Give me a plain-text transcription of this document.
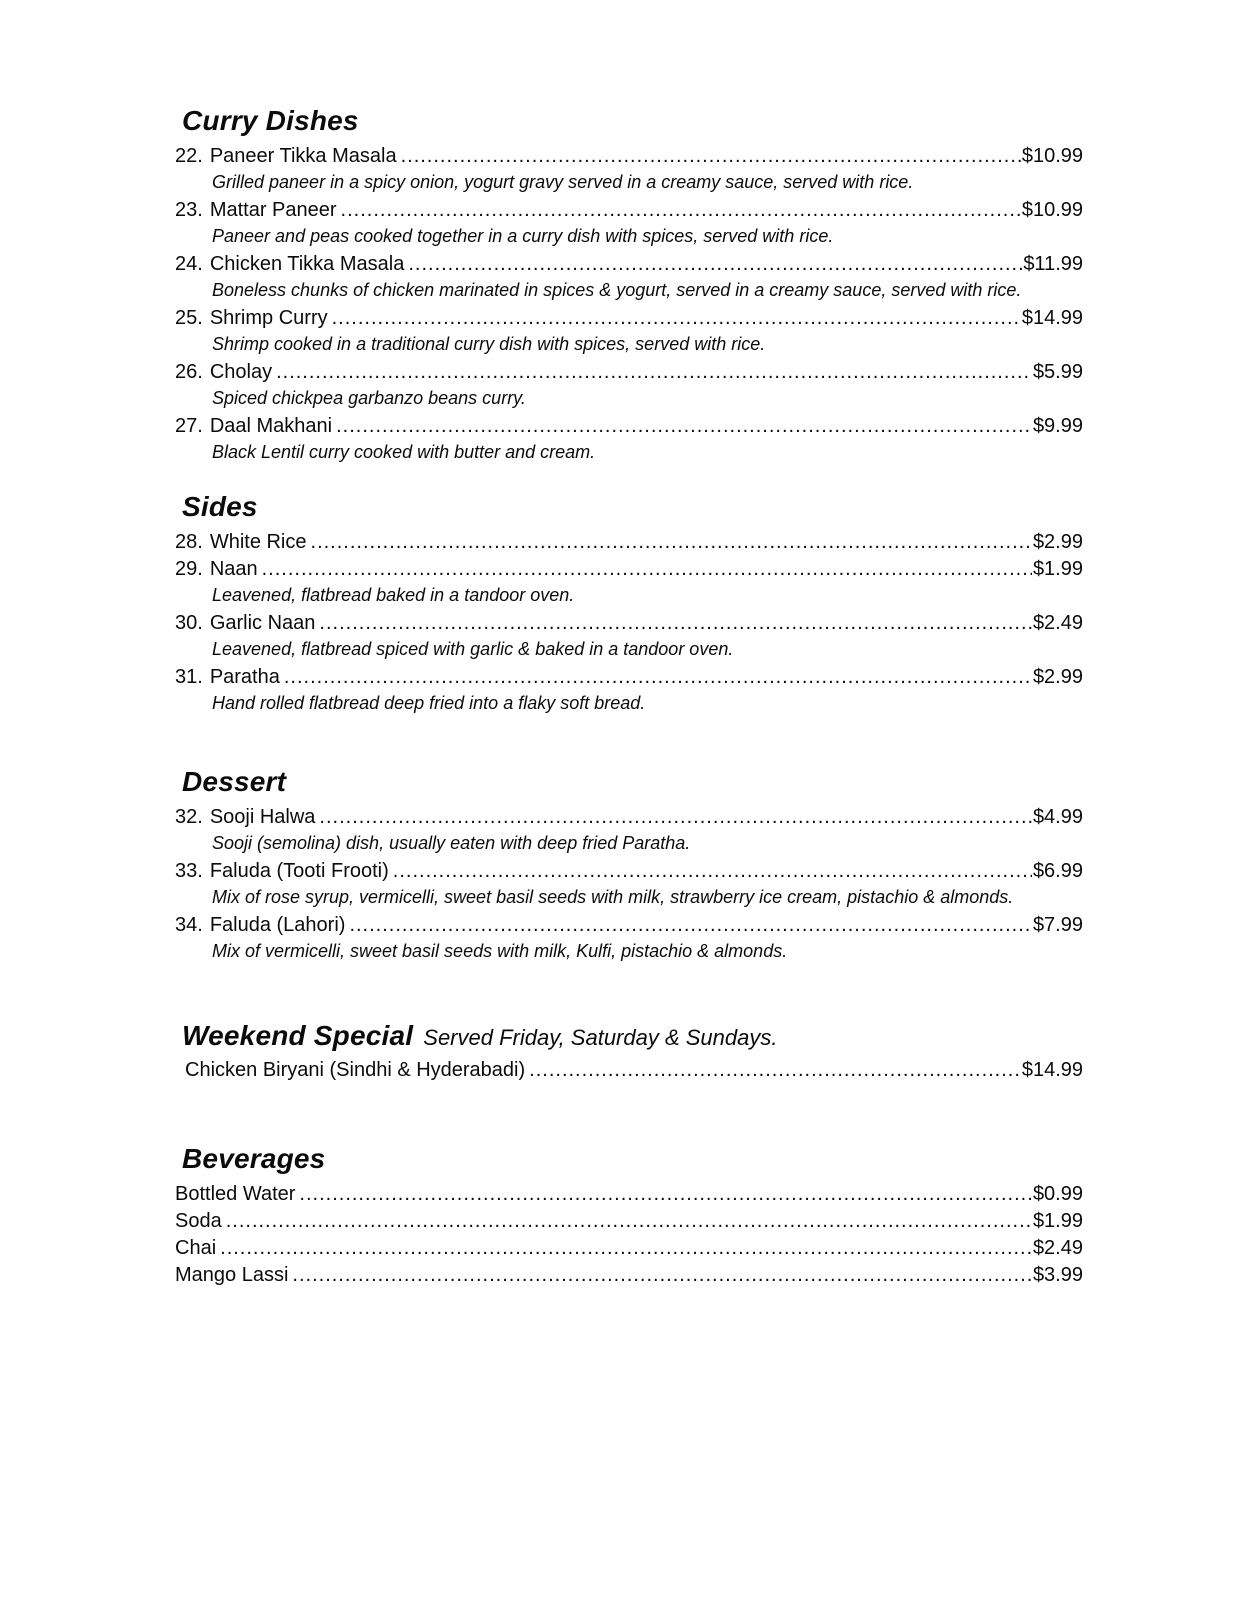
Curry Dishes
22. Paneer Tikka Masala .....	$10.99
Grilled paneer in a spicy onion, yogurt gravy served in a creamy sauce, served with rice.
23. Mattar Paneer .....	$10.99
Paneer and peas cooked together in a curry dish with spices, served with rice.
24. Chicken Tikka Masala .....	$11.99
Boneless chunks of chicken marinated in spices & yogurt, served in a creamy sauce, served with rice.
25. Shrimp Curry .....	$14.99
Shrimp cooked in a traditional curry dish with spices, served with rice.
26. Cholay .....	$5.99
Spiced chickpea garbanzo beans curry.
27. Daal Makhani .....	$9.99
Black Lentil curry cooked with butter and cream.
Sides
28. White Rice .....	$2.99
29. Naan .....	$1.99
Leavened, flatbread baked in a tandoor oven.
30. Garlic Naan .....	$2.49
Leavened, flatbread spiced with garlic & baked in a tandoor oven.
31. Paratha .....	$2.99
Hand rolled flatbread deep fried into a flaky soft bread.
Dessert
32. Sooji Halwa .....	$4.99
Sooji (semolina) dish, usually eaten with deep fried Paratha.
33. Faluda (Tooti Frooti) .....	$6.99
Mix of rose syrup, vermicelli, sweet basil seeds with milk, strawberry ice cream, pistachio & almonds.
34. Faluda (Lahori) .....	$7.99
Mix of vermicelli, sweet basil seeds with milk, Kulfi, pistachio & almonds.
Weekend Special Served Friday, Saturday & Sundays.
Chicken Biryani (Sindhi & Hyderabadi) .....	$14.99
Beverages
Bottled Water .....	$0.99
Soda .....	$1.99
Chai .....	$2.49
Mango Lassi .....	$3.99
